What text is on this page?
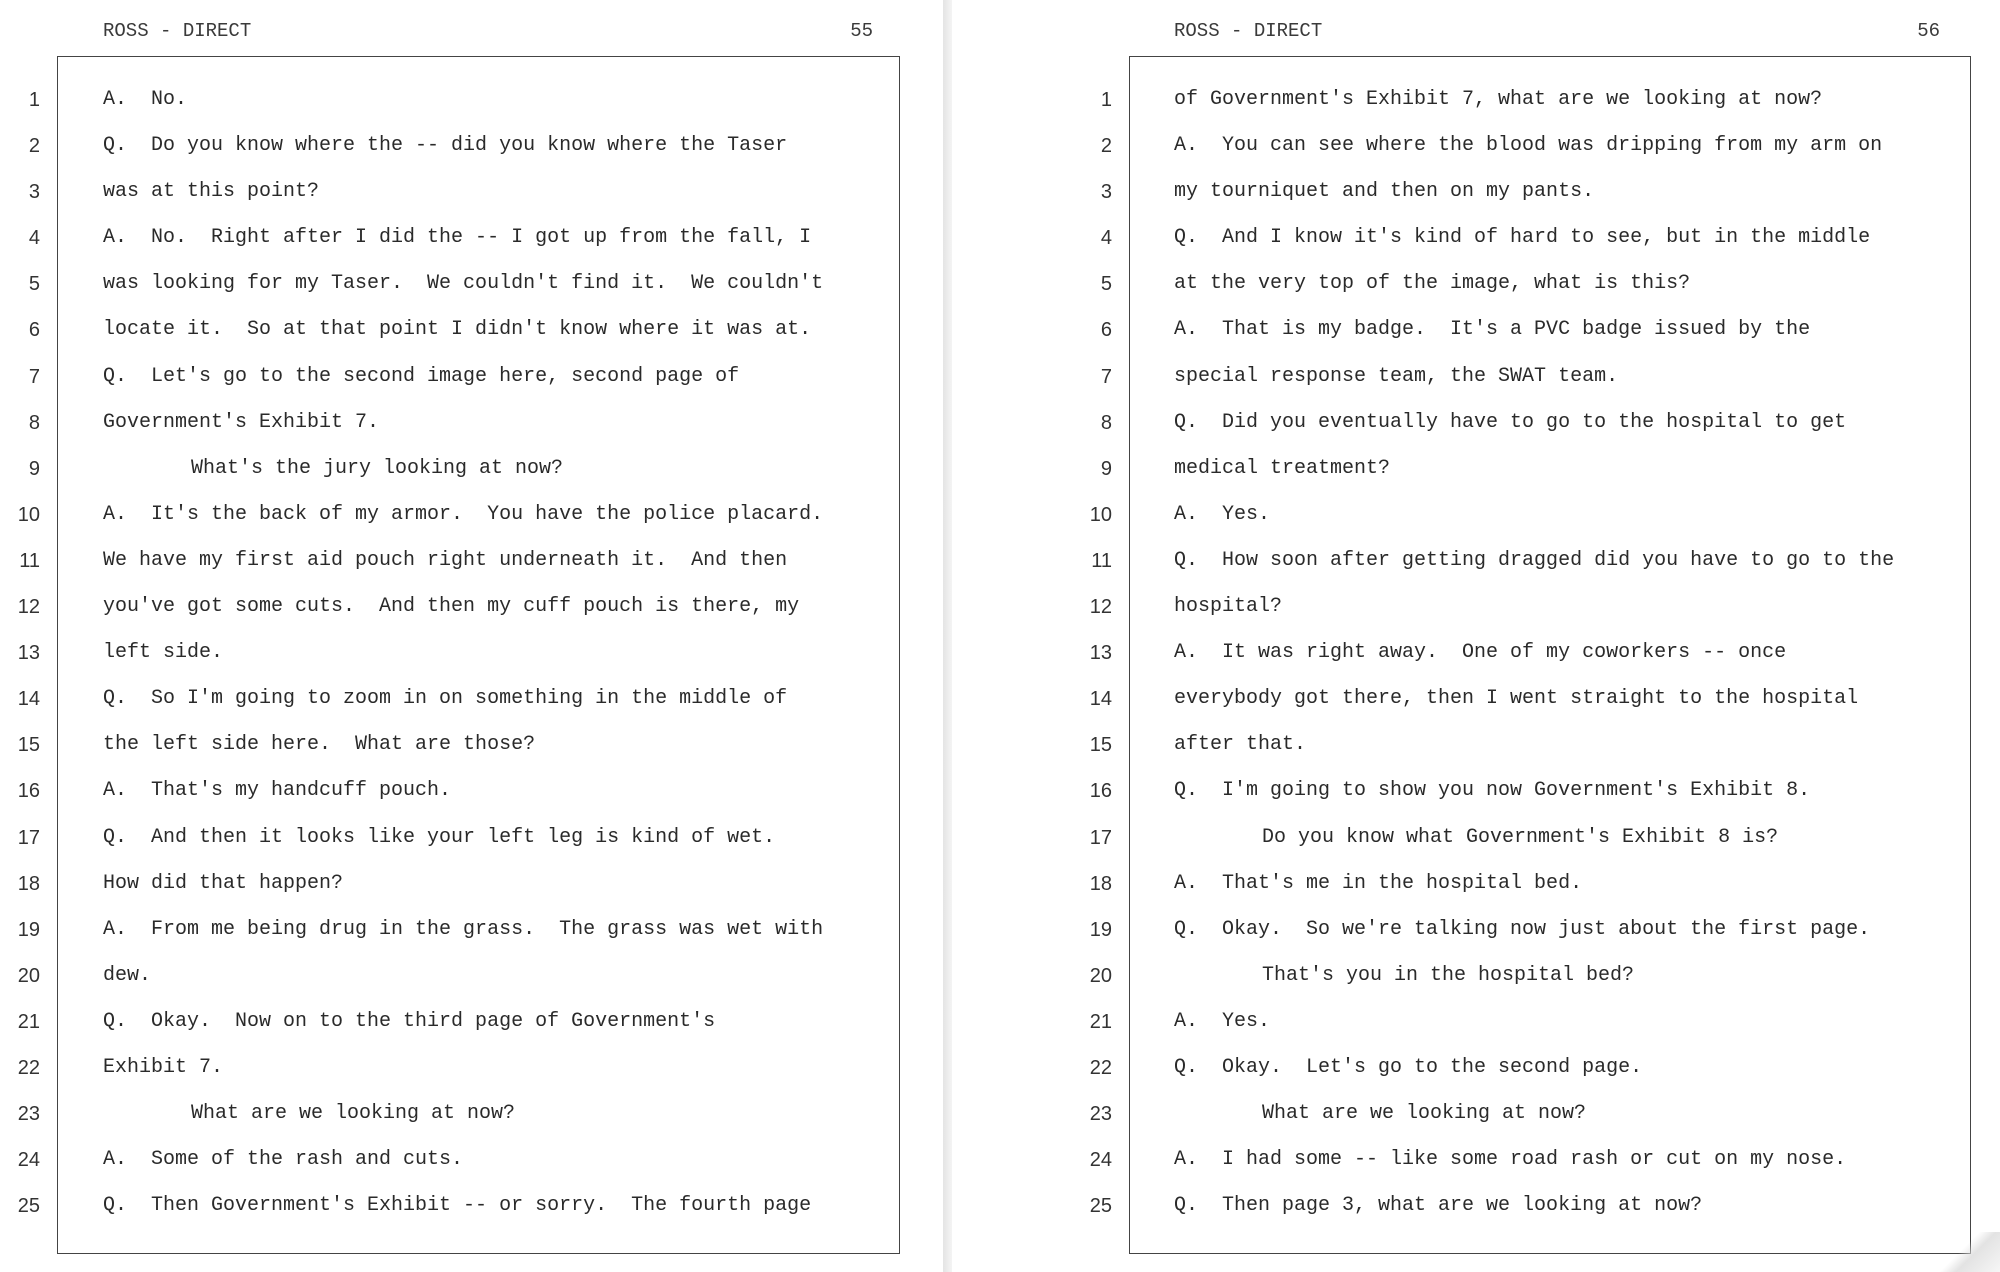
ROSS - DIRECT	55
1
2
3
4
5
6
7
8
9
10
11
12
13
14
15
16
17
18
19
20
21
22
23
24
25
A.  No.
Q.  Do you know where the -- did you know where the Taser
was at this point?
A.  No.  Right after I did the -- I got up from the fall, I
was looking for my Taser.  We couldn't find it.  We couldn't
locate it.  So at that point I didn't know where it was at.
Q.  Let's go to the second image here, second page of
Government's Exhibit 7.
What's the jury looking at now?
A.  It's the back of my armor.  You have the police placard.
We have my first aid pouch right underneath it.  And then
you've got some cuts.  And then my cuff pouch is there, my
left side.
Q.  So I'm going to zoom in on something in the middle of
the left side here.  What are those?
A.  That's my handcuff pouch.
Q.  And then it looks like your left leg is kind of wet.
How did that happen?
A.  From me being drug in the grass.  The grass was wet with
dew.
Q.  Okay.  Now on to the third page of Government's
Exhibit 7.
What are we looking at now?
A.  Some of the rash and cuts.
Q.  Then Government's Exhibit -- or sorry.  The fourth page
ROSS - DIRECT	56
1
2
3
4
5
6
7
8
9
10
11
12
13
14
15
16
17
18
19
20
21
22
23
24
25
of Government's Exhibit 7, what are we looking at now?
A.  You can see where the blood was dripping from my arm on
my tourniquet and then on my pants.
Q.  And I know it's kind of hard to see, but in the middle
at the very top of the image, what is this?
A.  That is my badge.  It's a PVC badge issued by the
special response team, the SWAT team.
Q.  Did you eventually have to go to the hospital to get
medical treatment?
A.  Yes.
Q.  How soon after getting dragged did you have to go to the
hospital?
A.  It was right away.  One of my coworkers -- once
everybody got there, then I went straight to the hospital
after that.
Q.  I'm going to show you now Government's Exhibit 8.
Do you know what Government's Exhibit 8 is?
A.  That's me in the hospital bed.
Q.  Okay.  So we're talking now just about the first page.
That's you in the hospital bed?
A.  Yes.
Q.  Okay.  Let's go to the second page.
What are we looking at now?
A.  I had some -- like some road rash or cut on my nose.
Q.  Then page 3, what are we looking at now?
